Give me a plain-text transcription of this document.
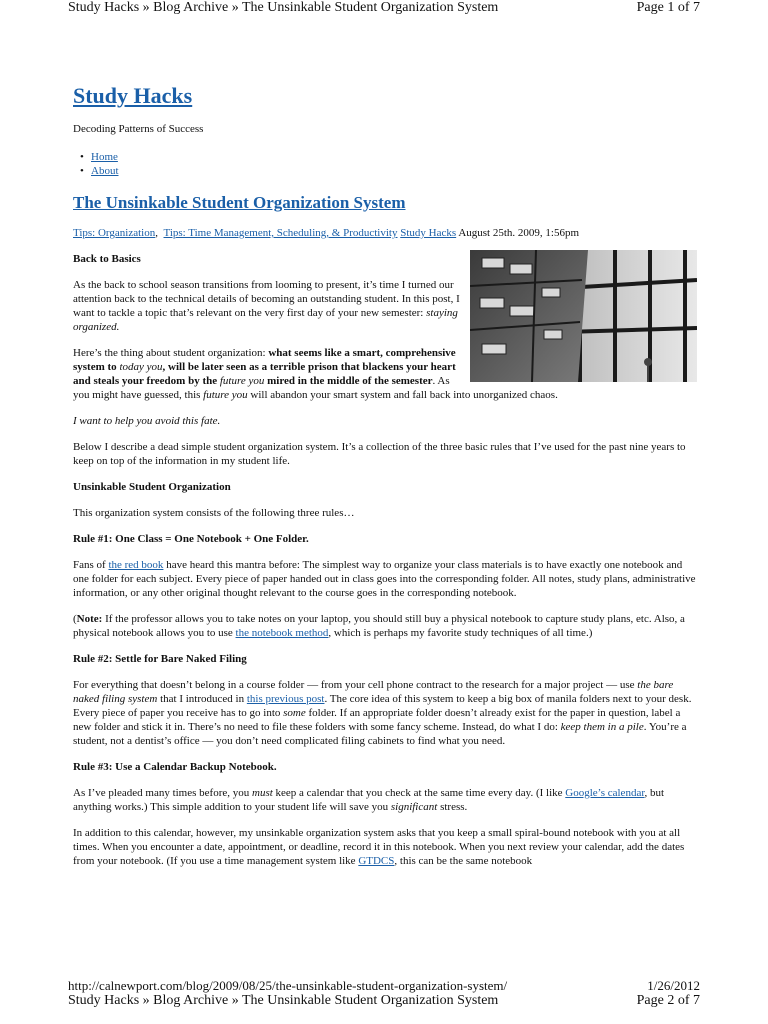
Study Hacks » Blog Archive » The Unsinkable Student Organization System	Page 1 of 7
Study Hacks
Decoding Patterns of Success
• Home
• About
The Unsinkable Student Organization System
Tips: Organization, Tips: Time Management, Scheduling, & Productivity Study Hacks August 25th. 2009, 1:56pm
Back to Basics

As the back to school season transitions from looming to present, it’s time I turned our attention back to the technical details of becoming an outstanding student. In this post, I want to tackle a topic that’s relevant on the very first day of your new semester: staying organized.

Here’s the thing about student organization: what seems like a smart, comprehensive system to today you, will be later seen as a terrible prison that blackens your heart and steals your freedom by the future you mired in the middle of the semester. As you might have guessed, this future you will abandon your smart system and fall back into unorganized chaos.

I want to help you avoid this fate.

Below I describe a dead simple student organization system. It’s a collection of the three basic rules that I’ve used for the past nine years to keep on top of the information in my student life.

Unsinkable Student Organization

This organization system consists of the following three rules…

Rule #1: One Class = One Notebook + One Folder.

Fans of the red book have heard this mantra before: The simplest way to organize your class materials is to have exactly one notebook and one folder for each subject. Every piece of paper handed out in class goes into the corresponding folder. All notes, study plans, administrative information, or any other original thought relevant to the course goes in the corresponding notebook.

(Note: If the professor allows you to take notes on your laptop, you should still buy a physical notebook to capture study plans, etc. Also, a physical notebook allows you to use the notebook method, which is perhaps my favorite study techniques of all time.)

Rule #2: Settle for Bare Naked Filing

For everything that doesn’t belong in a course folder — from your cell phone contract to the research for a major project — use the bare naked filing system that I introduced in this previous post. The core idea of this system to keep a big box of manila folders next to your desk. Every piece of paper you receive has to go into some folder. If an appropriate folder doesn’t already exist for the paper in question, label a new folder and stick it in. There’s no need to file these folders with some fancy scheme. Instead, do what I do: keep them in a pile. You’re a student, not a dentist’s office — you don’t need complicated filing cabinets to find what you need.

Rule #3: Use a Calendar Backup Notebook.

As I’ve pleaded many times before, you must keep a calendar that you check at the same time every day. (I like Google’s calendar, but anything works.) This simple addition to your student life will save you significant stress.

In addition to this calendar, however, my unsinkable organization system asks that you keep a small spiral-bound notebook with you at all times. When you encounter a date, appointment, or deadline, record it in this notebook. When you next review your calendar, add the dates from your notebook. (If you use a time management system like GTDCS, this can be the same notebook

http://calnewport.com/blog/2009/08/25/the-unsinkable-student-organization-system/	1/26/2012
Study Hacks » Blog Archive » The Unsinkable Student Organization System	Page 2 of 7
